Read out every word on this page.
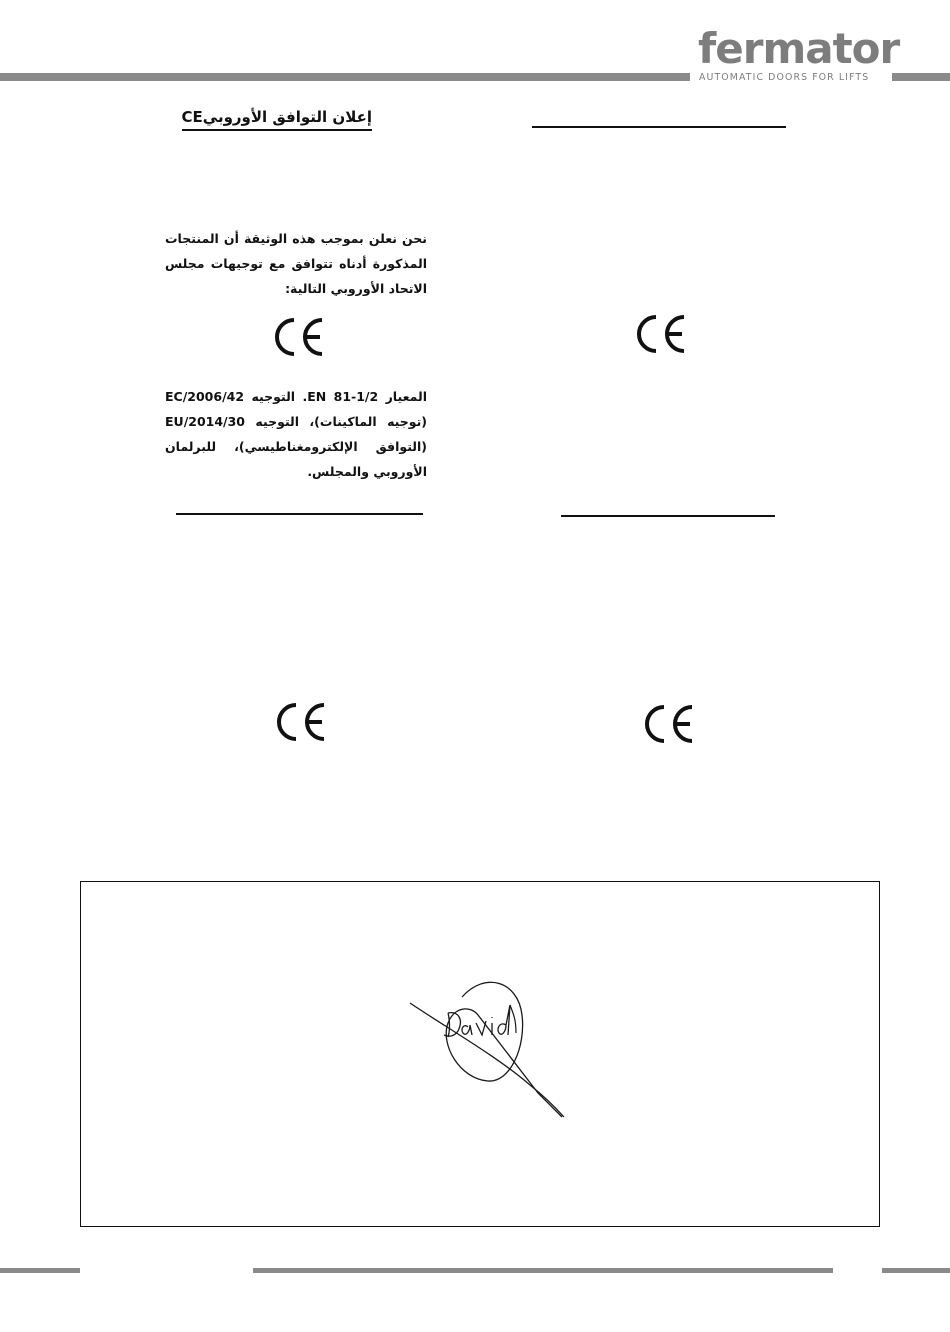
fermator
AUTOMATIC DOORS FOR LIFTS
إعلان التوافق الأوروبيCE
نحن نعلن بموجب هذه الوثيقة أن المنتجات المذكورة أدناه تتوافق مع توجيهات مجلس الاتحاد الأوروبي التالية:
المعيار EN 81-1/2. التوجيه EC/2006/42 (توجيه الماكينات)، التوجيه EU/2014/30 (التوافق الإلكترومغناطيسي)، للبرلمان الأوروبي والمجلس.
